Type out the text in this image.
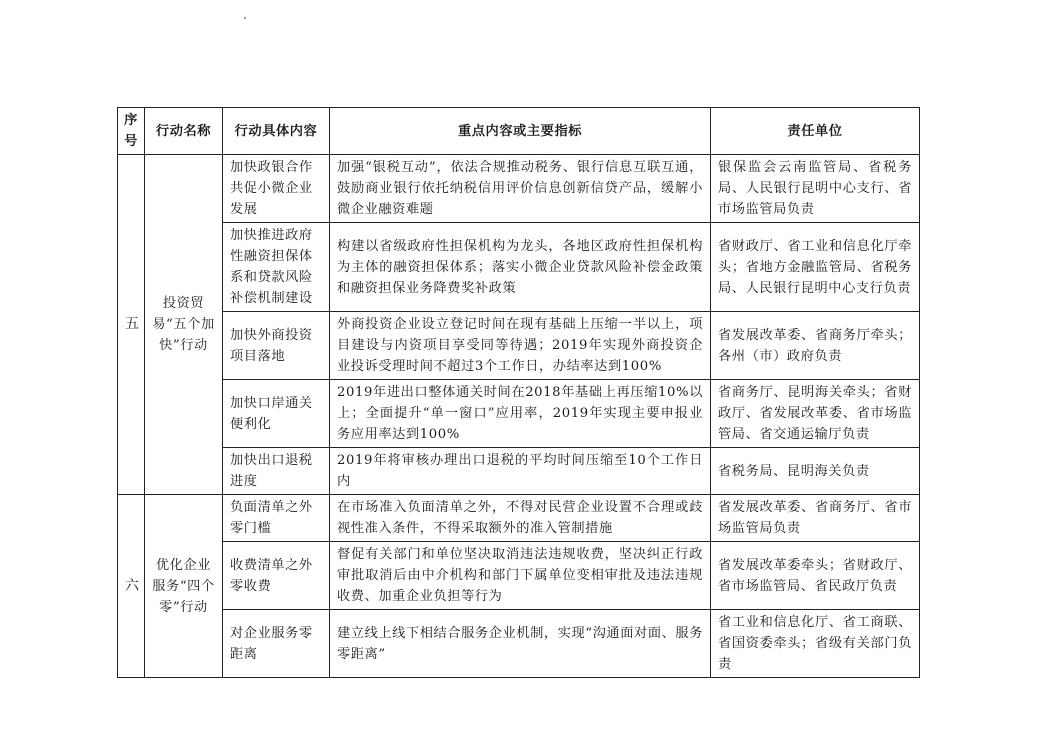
序号	行动名称	行动具体内容	重点内容或主要指标	责任单位
五	投资贸易“五个加快”行动	加快政银合作共促小微企业发展	加强“银税互动”，依法合规推动税务、银行信息互联互通，鼓励商业银行依托纳税信用评价信息创新信贷产品，缓解小微企业融资难题	银保监会云南监管局、省税务局、人民银行昆明中心支行、省市场监管局负责
		加快推进政府性融资担保体系和贷款风险补偿机制建设	构建以省级政府性担保机构为龙头，各地区政府性担保机构为主体的融资担保体系；落实小微企业贷款风险补偿金政策和融资担保业务降费奖补政策	省财政厅、省工业和信息化厅牵头；省地方金融监管局、省税务局、人民银行昆明中心支行负责
		加快外商投资项目落地	外商投资企业设立登记时间在现有基础上压缩一半以上，项目建设与内资项目享受同等待遇；2019年实现外商投资企业投诉受理时间不超过3个工作日，办结率达到100%	省发展改革委、省商务厅牵头；各州（市）政府负责
		加快口岸通关便利化	2019年进出口整体通关时间在2018年基础上再压缩10%以上；全面提升“单一窗口”应用率，2019年实现主要申报业务应用率达到100%	省商务厅、昆明海关牵头；省财政厅、省发展改革委、省市场监管局、省交通运输厅负责
		加快出口退税进度	2019年将审核办理出口退税的平均时间压缩至10个工作日内	省税务局、昆明海关负责
六	优化企业服务“四个零”行动	负面清单之外零门槛	在市场准入负面清单之外，不得对民营企业设置不合理或歧视性准入条件，不得采取额外的准入管制措施	省发展改革委、省商务厅、省市场监管局负责
		收费清单之外零收费	督促有关部门和单位坚决取消违法违规收费，坚决纠正行政审批取消后由中介机构和部门下属单位变相审批及违法违规收费、加重企业负担等行为	省发展改革委牵头；省财政厅、省市场监管局、省民政厅负责
		对企业服务零距离	建立线上线下相结合服务企业机制，实现“沟通面对面、服务零距离”	省工业和信息化厅、省工商联、省国资委牵头；省级有关部门负责
